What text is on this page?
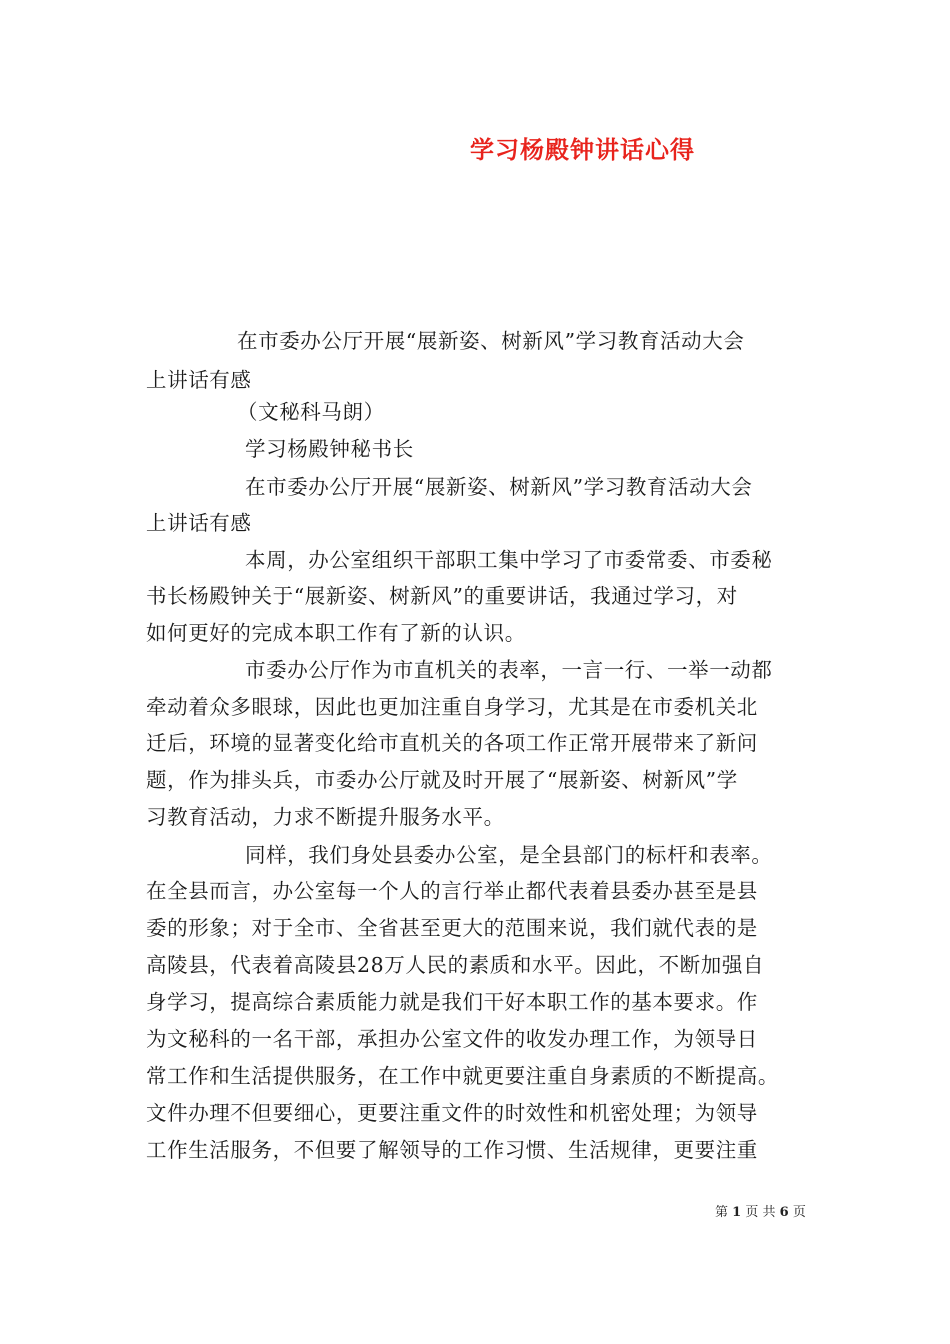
学习杨殿钟讲话心得
在市委办公厅开展“展新姿、树新风”学习教育活动大会
上讲话有感
（文秘科马朗）
学习杨殿钟秘书长
在市委办公厅开展“展新姿、树新风”学习教育活动大会
上讲话有感
本周，办公室组织干部职工集中学习了市委常委、市委秘
书长杨殿钟关于“展新姿、树新风”的重要讲话，我通过学习，对
如何更好的完成本职工作有了新的认识。
市委办公厅作为市直机关的表率，一言一行、一举一动都
牵动着众多眼球，因此也更加注重自身学习，尤其是在市委机关北
迁后，环境的显著变化给市直机关的各项工作正常开展带来了新问
题，作为排头兵，市委办公厅就及时开展了“展新姿、树新风”学
习教育活动，力求不断提升服务水平。
同样，我们身处县委办公室，是全县部门的标杆和表率。
在全县而言，办公室每一个人的言行举止都代表着县委办甚至是县
委的形象；对于全市、全省甚至更大的范围来说，我们就代表的是
高陵县，代表着高陵县28万人民的素质和水平。因此，不断加强自
身学习，提高综合素质能力就是我们干好本职工作的基本要求。作
为文秘科的一名干部，承担办公室文件的收发办理工作，为领导日
常工作和生活提供服务，在工作中就更要注重自身素质的不断提高。
文件办理不但要细心，更要注重文件的时效性和机密处理；为领导
工作生活服务，不但要了解领导的工作习惯、生活规律，更要注重
第 1 页 共 6 页
